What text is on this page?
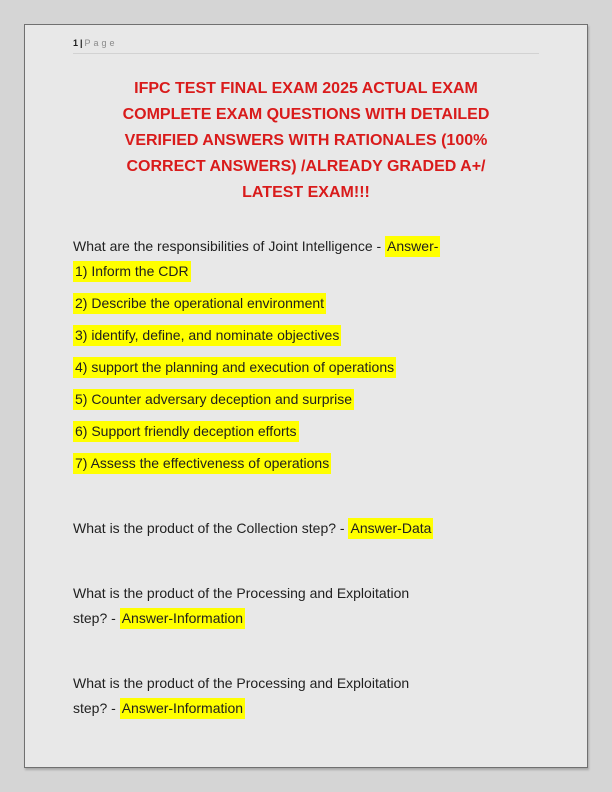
1 | Page
IFPC TEST FINAL EXAM 2025 ACTUAL EXAM
COMPLETE EXAM QUESTIONS WITH DETAILED
VERIFIED ANSWERS WITH RATIONALES (100%
CORRECT ANSWERS) /ALREADY GRADED A+/
LATEST EXAM!!!
What are the responsibilities of Joint Intelligence - Answer-
1) Inform the CDR
2) Describe the operational environment
3) identify, define, and nominate objectives
4) support the planning and execution of operations
5) Counter adversary deception and surprise
6) Support friendly deception efforts
7) Assess the effectiveness of operations
What is the product of the Collection step? - Answer-Data
What is the product of the Processing and Exploitation
step? - Answer-Information
What is the product of the Processing and Exploitation
step? - Answer-Information
